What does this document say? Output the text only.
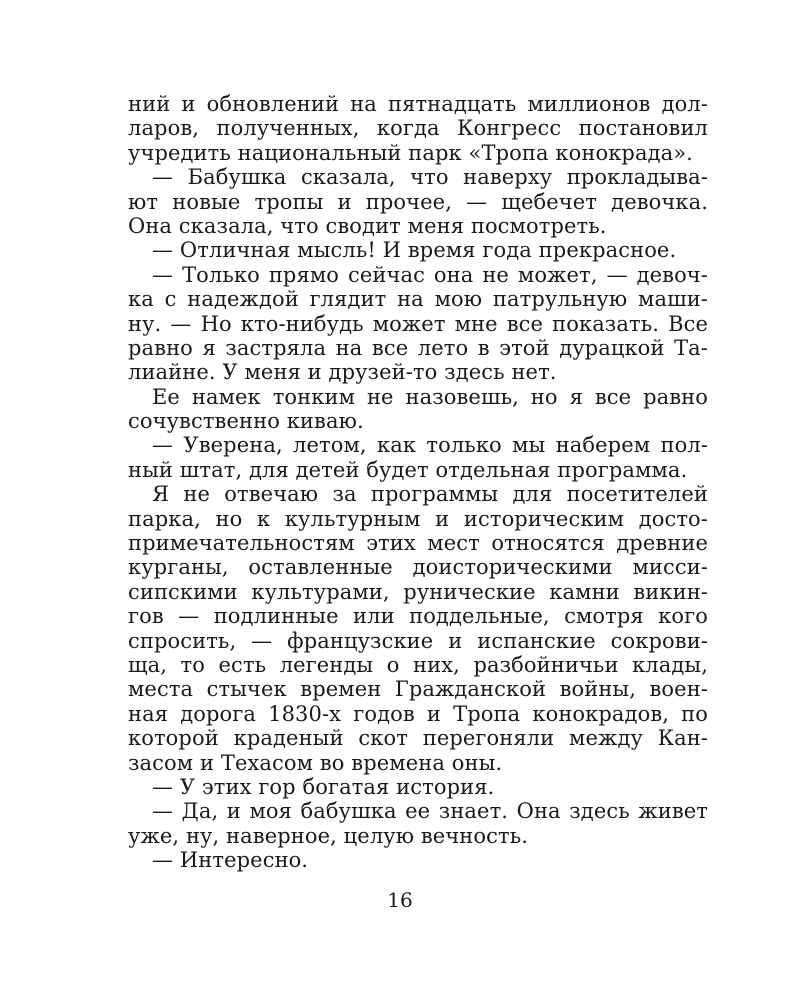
ний и обновлений на пятнадцать миллионов дол-
ларов, полученных, когда Конгресс постановил
учредить национальный парк «Тропа конокрада».
— Бабушка сказала, что наверху прокладыва-
ют новые тропы и прочее, — щебечет девочка.
Она сказала, что сводит меня посмотреть.
— Отличная мысль! И время года прекрасное.
— Только прямо сейчас она не может, — девоч-
ка с надеждой глядит на мою патрульную маши-
ну. — Но кто-нибудь может мне все показать. Все
равно я застряла на все лето в этой дурацкой Та-
лиайне. У меня и друзей-то здесь нет.
Ее намек тонким не назовешь, но я все равно
сочувственно киваю.
— Уверена, летом, как только мы наберем пол-
ный штат, для детей будет отдельная программа.
Я не отвечаю за программы для посетителей
парка, но к культурным и историческим досто-
примечательностям этих мест относятся древние
курганы, оставленные доисторическими мисси-
сипскими культурами, рунические камни викин-
гов — подлинные или поддельные, смотря кого
спросить, — французские и испанские сокрови-
ща, то есть легенды о них, разбойничьи клады,
места стычек времен Гражданской войны, воен-
ная дорога 1830-х годов и Тропа конокрадов, по
которой краденый скот перегоняли между Кан-
засом и Техасом во времена оны.
— У этих гор богатая история.
— Да, и моя бабушка ее знает. Она здесь живет
уже, ну, наверное, целую вечность.
— Интересно.
16
